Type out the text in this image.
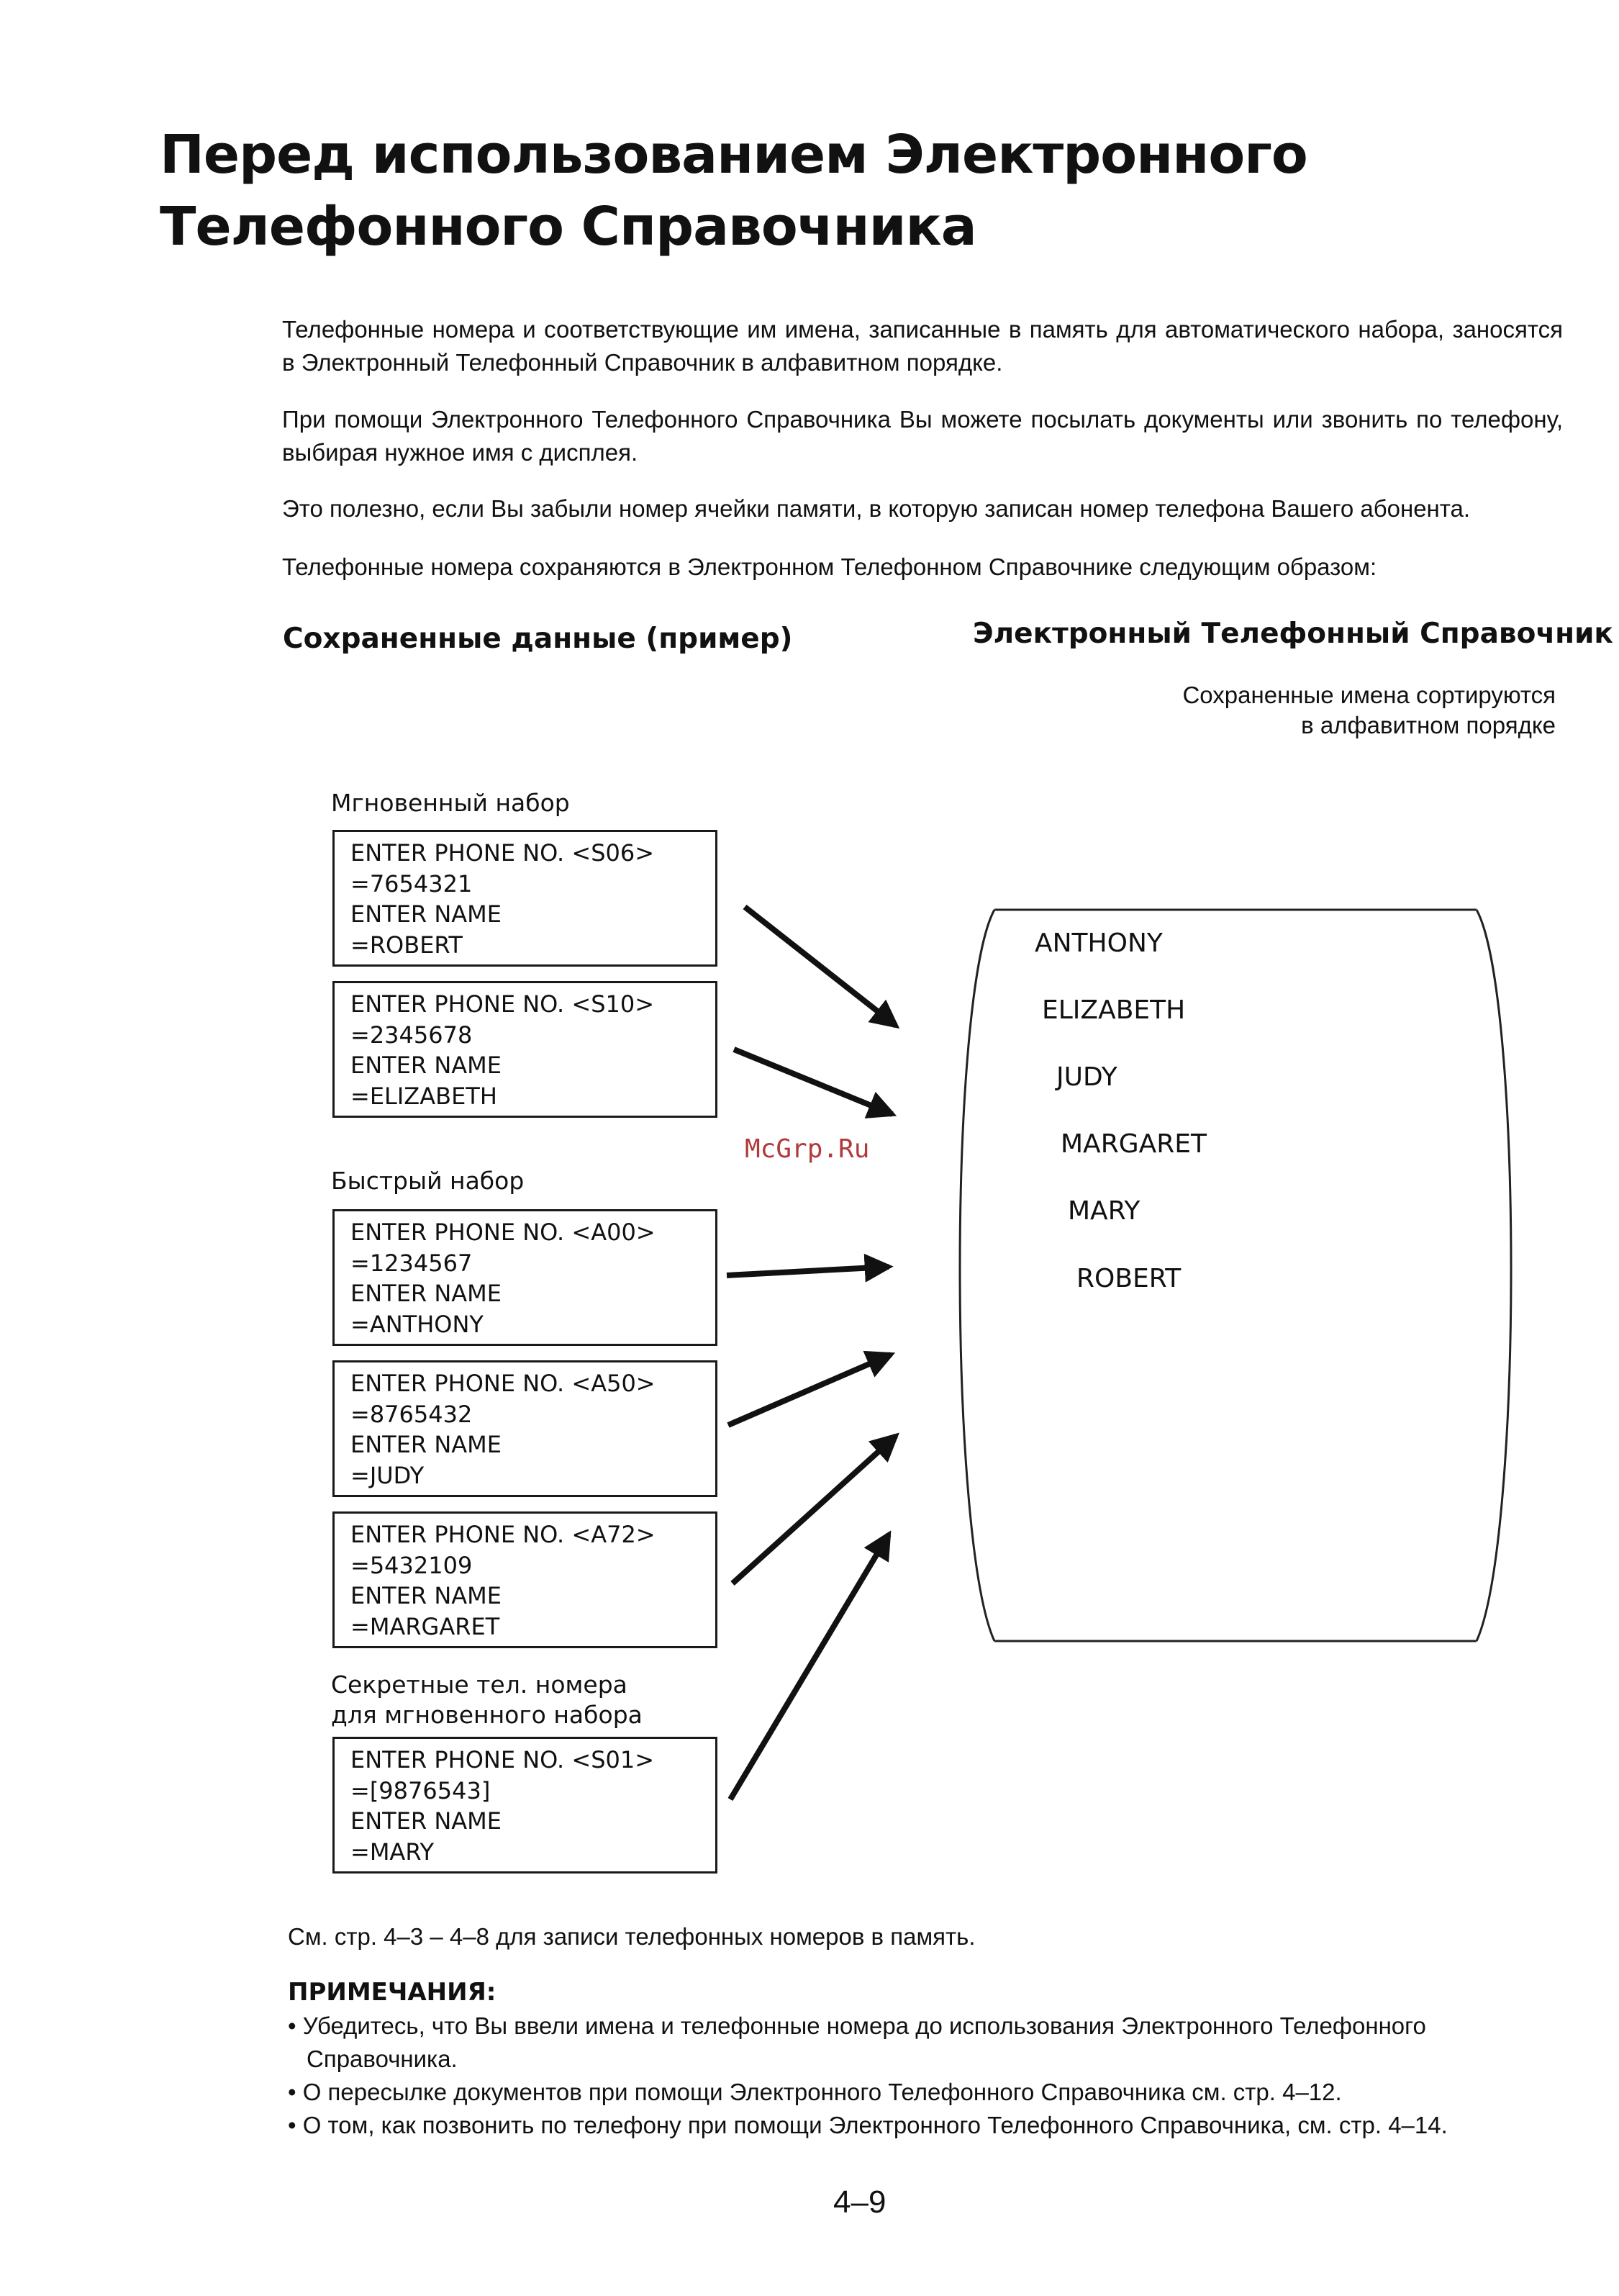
Перед использованием Электронного
Телефонного Справочника
Телефонные номера и соответствующие им имена, записанные в память для автоматического набора, заносятся в Электронный Телефонный Справочник в алфавитном порядке.
При помощи Электронного Телефонного Справочника Вы можете посылать документы или звонить по телефону, выбирая нужное имя с дисплея.
Это полезно, если Вы забыли номер ячейки памяти, в которую записан номер телефона Вашего абонента.
Телефонные номера сохраняются в Электронном Телефонном Справочнике следующим образом:
Сохраненные данные (пример)	Электронный Телефонный Справочник
Сохраненные имена сортируются
в алфавитном порядке
Мгновенный набор
Быстрый набор
Секретные тел. номера
для мгновенного набора
ENTER PHONE NO. <S06>
=7654321
ENTER NAME
=ROBERT
ENTER PHONE NO. <S10>
=2345678
ENTER NAME
=ELIZABETH
ENTER PHONE NO. <A00>
=1234567
ENTER NAME
=ANTHONY
ENTER PHONE NO. <A50>
=8765432
ENTER NAME
=JUDY
ENTER PHONE NO. <A72>
=5432109
ENTER NAME
=MARGARET
ENTER PHONE NO. <S01>
=[9876543]
ENTER NAME
=MARY
ANTHONY
ELIZABETH
JUDY
MARGARET
MARY
ROBERT
McGrp.Ru
См. стр. 4–3 – 4–8 для записи телефонных номеров в память.
ПРИМЕЧАНИЯ:
• Убедитесь, что Вы ввели имена и телефонные номера до использования Электронного Телефонного Справочника.
• О пересылке документов при помощи Электронного Телефонного Справочника см. стр. 4–12.
• О том, как позвонить по телефону при помощи Электронного Телефонного Справочника, см. стр. 4–14.
4–9
